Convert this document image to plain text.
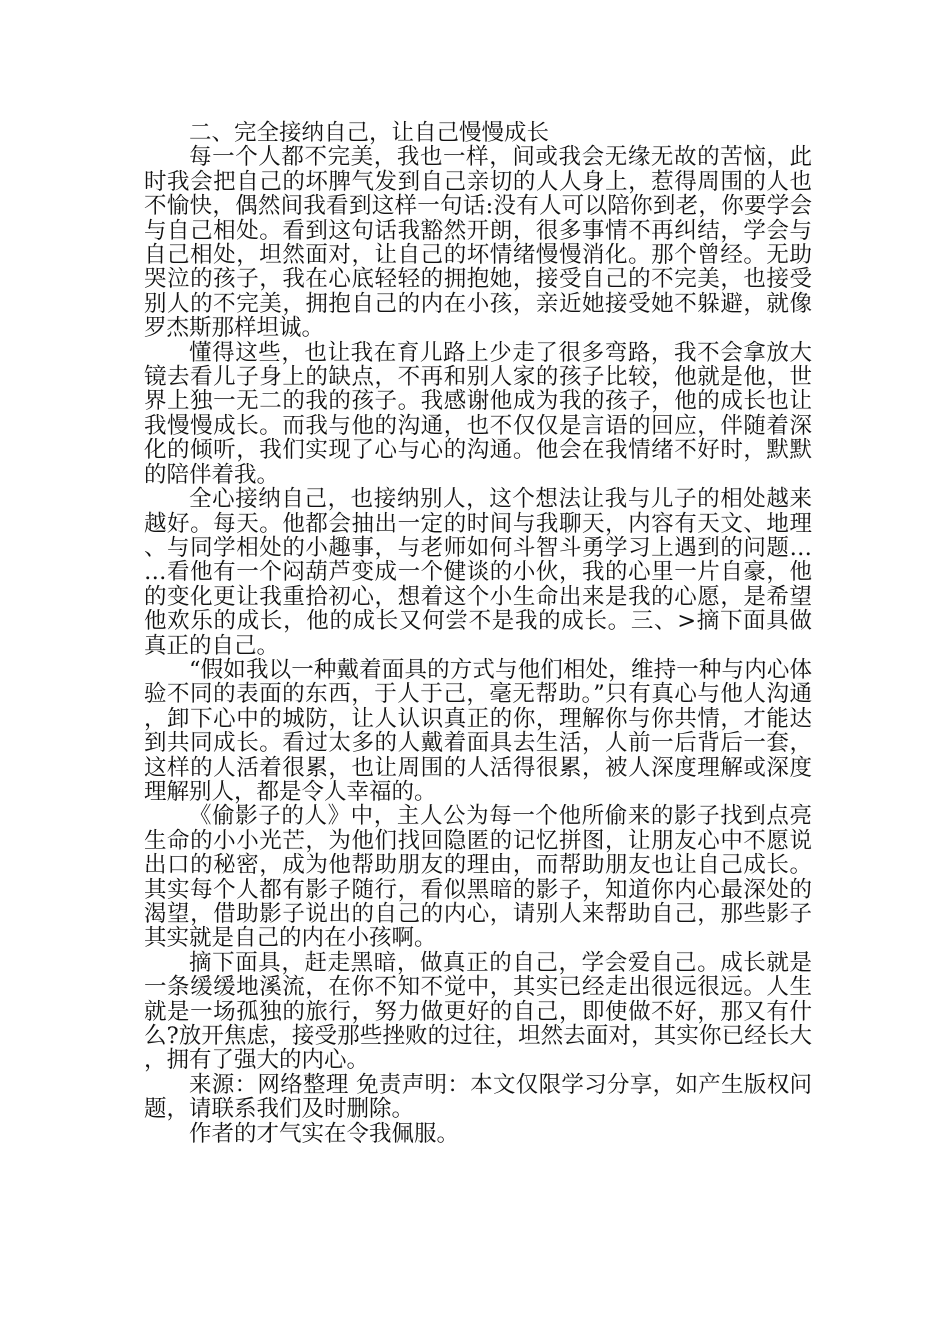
二、完全接纳自己，让自己慢慢成长

每一个人都不完美，我也一样，间或我会无缘无故的苦恼，此时我会把自己的坏脾气发到自己亲切的人人身上，惹得周围的人也不愉快，偶然间我看到这样一句话:没有人可以陪你到老，你要学会与自己相处。看到这句话我豁然开朗，很多事情不再纠结，学会与自己相处，坦然面对，让自己的坏情绪慢慢消化。那个曾经。无助哭泣的孩子，我在心底轻轻的拥抱她，接受自己的不完美，也接受别人的不完美，拥抱自己的内在小孩，亲近她接受她不躲避，就像罗杰斯那样坦诚。

懂得这些，也让我在育儿路上少走了很多弯路，我不会拿放大镜去看儿子身上的缺点，不再和别人家的孩子比较，他就是他，世界上独一无二的我的孩子。我感谢他成为我的孩子，他的成长也让我慢慢成长。而我与他的沟通，也不仅仅是言语的回应，伴随着深化的倾听，我们实现了心与心的沟通。他会在我情绪不好时，默默的陪伴着我。

全心接纳自己，也接纳别人，这个想法让我与儿子的相处越来越好。每天。他都会抽出一定的时间与我聊天，内容有天文、地理、与同学相处的小趣事，与老师如何斗智斗勇学习上遇到的问题……看他有一个闷葫芦变成一个健谈的小伙，我的心里一片自豪，他的变化更让我重拾初心，想着这个小生命出来是我的心愿，是希望他欢乐的成长，他的成长又何尝不是我的成长。三、>摘下面具做真正的自己。

“假如我以一种戴着面具的方式与他们相处，维持一种与内心体验不同的表面的东西，于人于己，毫无帮助。”只有真心与他人沟通，卸下心中的城防，让人认识真正的你，理解你与你共情，才能达到共同成长。看过太多的人戴着面具去生活，人前一后背后一套，这样的人活着很累，也让周围的人活得很累，被人深度理解或深度理解别人，都是令人幸福的。

《偷影子的人》中，主人公为每一个他所偷来的影子找到点亮生命的小小光芒，为他们找回隐匿的记忆拼图，让朋友心中不愿说出口的秘密，成为他帮助朋友的理由，而帮助朋友也让自己成长。其实每个人都有影子随行，看似黑暗的影子，知道你内心最深处的渴望，借助影子说出的自己的内心，请别人来帮助自己，那些影子其实就是自己的内在小孩啊。

摘下面具，赶走黑暗，做真正的自己，学会爱自己。成长就是一条缓缓地溪流，在你不知不觉中，其实已经走出很远很远。人生就是一场孤独的旅行，努力做更好的自己，即使做不好，那又有什么?放开焦虑，接受那些挫败的过往，坦然去面对，其实你已经长大，拥有了强大的内心。

来源：网络整理 免责声明：本文仅限学习分享，如产生版权问题，请联系我们及时删除。

作者的才气实在令我佩服。
